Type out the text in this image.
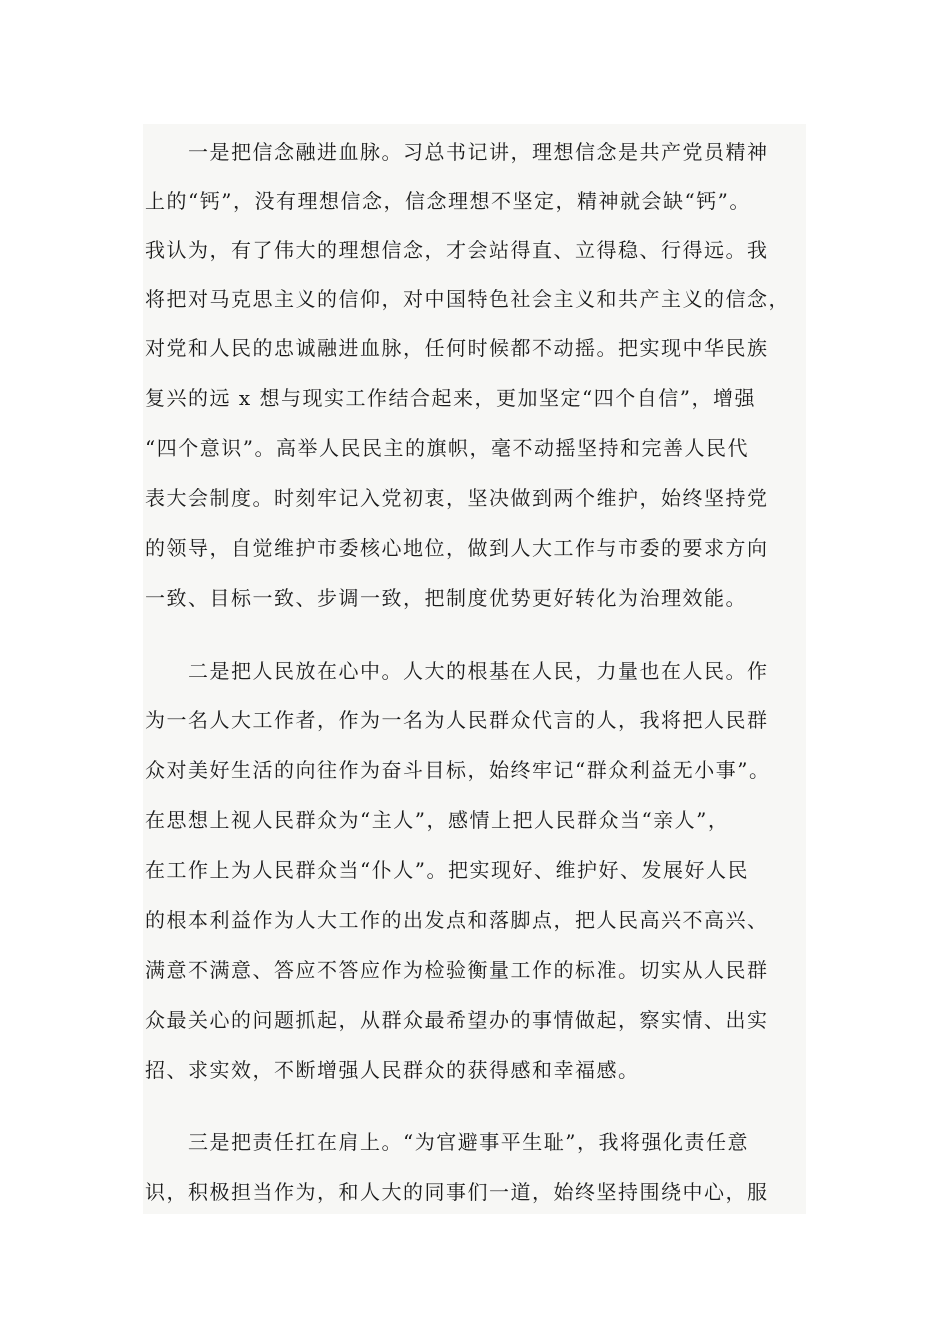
　　一是把信念融进血脉。习总书记讲，理想信念是共产党员精神
上的“钙”，没有理想信念，信念理想不坚定，精神就会缺“钙”。
我认为，有了伟大的理想信念，才会站得直、立得稳、行得远。我
将把对马克思主义的信仰，对中国特色社会主义和共产主义的信念，
对党和人民的忠诚融进血脉，任何时候都不动摇。把实现中华民族
复兴的远 x 想与现实工作结合起来，更加坚定“四个自信”，增强
“四个意识”。高举人民民主的旗帜，毫不动摇坚持和完善人民代
表大会制度。时刻牢记入党初衷，坚决做到两个维护，始终坚持党
的领导，自觉维护市委核心地位，做到人大工作与市委的要求方向
一致、目标一致、步调一致，把制度优势更好转化为治理效能。
　　二是把人民放在心中。人大的根基在人民，力量也在人民。作
为一名人大工作者，作为一名为人民群众代言的人，我将把人民群
众对美好生活的向往作为奋斗目标，始终牢记“群众利益无小事”。
在思想上视人民群众为“主人”，感情上把人民群众当“亲人”，
在工作上为人民群众当“仆人”。把实现好、维护好、发展好人民
的根本利益作为人大工作的出发点和落脚点，把人民高兴不高兴、
满意不满意、答应不答应作为检验衡量工作的标准。切实从人民群
众最关心的问题抓起，从群众最希望办的事情做起，察实情、出实
招、求实效，不断增强人民群众的获得感和幸福感。
　　三是把责任扛在肩上。“为官避事平生耻”，我将强化责任意
识，积极担当作为，和人大的同事们一道，始终坚持围绕中心，服
